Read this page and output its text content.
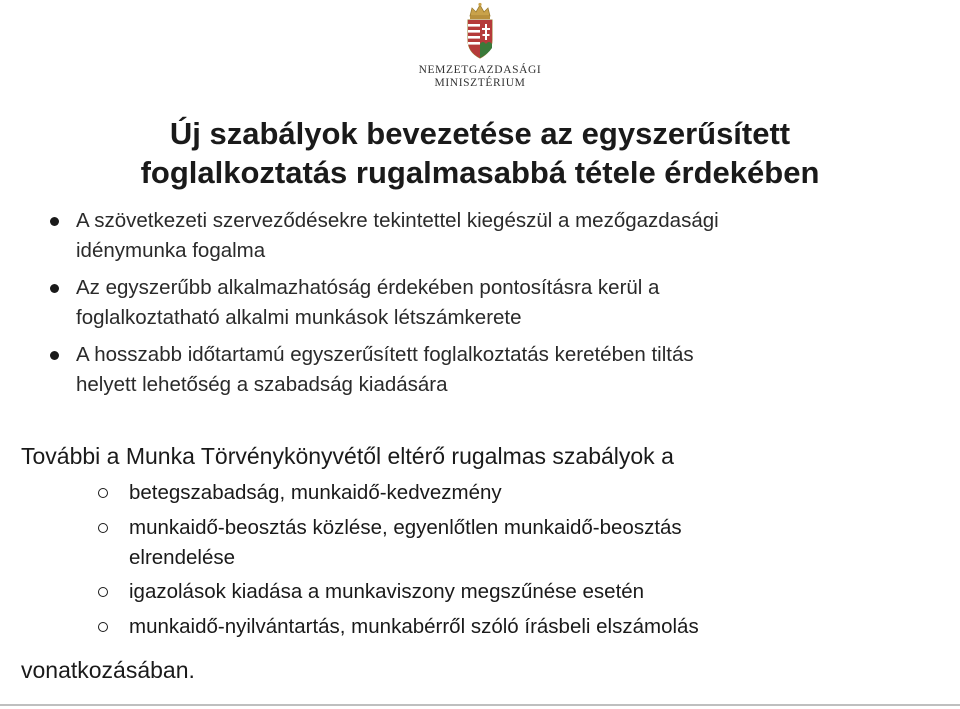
NEMZETGAZDASÁGI
MINISZTÉRIUM
Új szabályok bevezetése az egyszerűsített
foglalkoztatás rugalmasabbá tétele érdekében
A szövetkezeti szerveződésekre tekintettel kiegészül a mezőgazdasági
idénymunka fogalma
Az egyszerűbb alkalmazhatóság érdekében pontosításra kerül a
foglalkoztatható alkalmi munkások létszámkerete
A hosszabb időtartamú egyszerűsített foglalkoztatás keretében tiltás
helyett lehetőség a szabadság kiadására

További a Munka Törvénykönyvétől eltérő rugalmas szabályok a

betegszabadság, munkaidő-kedvezmény
munkaidő-beosztás közlése, egyenlőtlen munkaidő-beosztás
elrendelése
igazolások kiadása a munkaviszony megszűnése esetén
munkaidő-nyilvántartás, munkabérről szóló írásbeli elszámolás

vonatkozásában.
